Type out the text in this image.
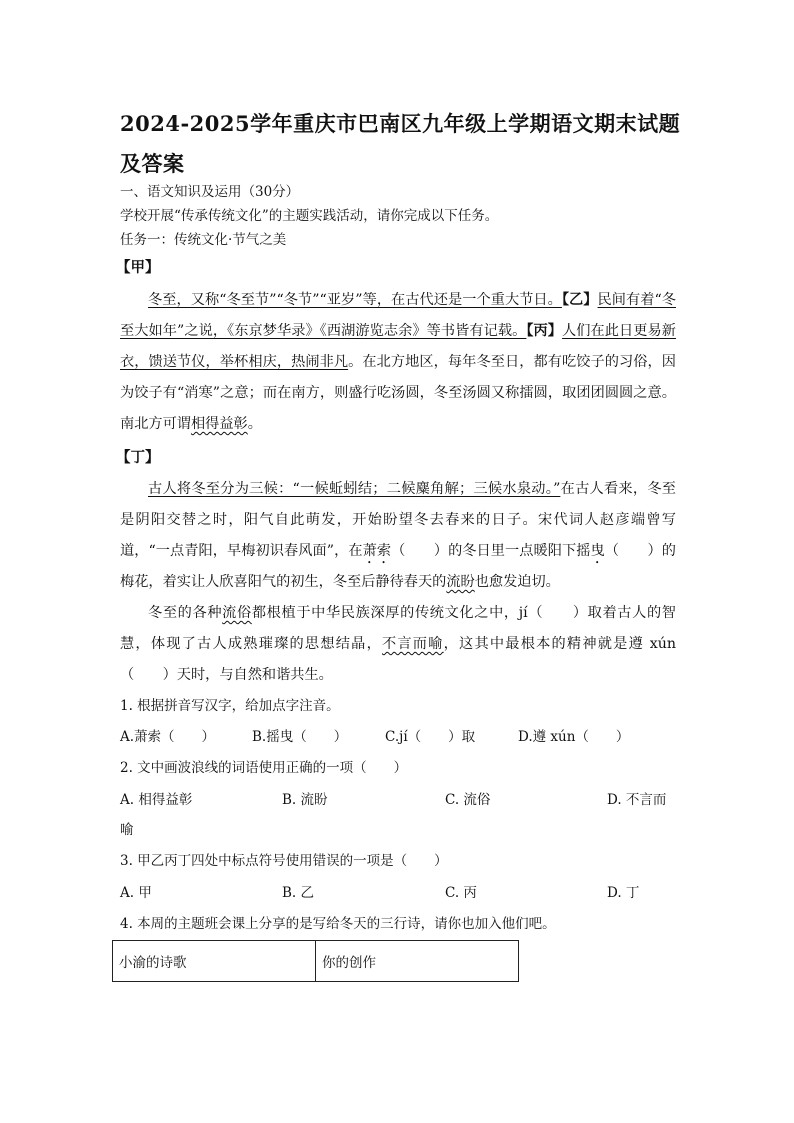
2024-2025学年重庆市巴南区九年级上学期语文期末试题及答案
一、语文知识及运用（30分）
学校开展“传承传统文化”的主题实践活动，请你完成以下任务。
任务一：传统文化·节气之美
【甲】
冬至，又称“冬至节”“冬节”“亚岁”等，在古代还是一个重大节日。【乙】民间有着“冬至大如年”之说，《东京梦华录》《西湖游览志余》等书皆有记载。【丙】人们在此日更易新衣，馈送节仪，举杯相庆，热闹非凡。在北方地区，每年冬至日，都有吃饺子的习俗，因为饺子有“消寒”之意；而在南方，则盛行吃汤圆，冬至汤圆又称擂圆，取团团圆圆之意。南北方可谓相得益彰。
【丁】
古人将冬至分为三候：“一候蚯蚓结；二候麋角解；三候水泉动。”在古人看来，冬至是阴阳交替之时，阳气自此萌发，开始盼望冬去春来的日子。宋代词人赵彦端曾写道，“一点青阳，早梅初识春风面”，在萧索（　　）的冬日里一点暖阳下摇曳（　　）的梅花，着实让人欣喜阳气的初生，冬至后静待春天的流盼也愈发迫切。
冬至的各种流俗都根植于中华民族深厚的传统文化之中，jí（　　）取着古人的智慧，体现了古人成熟璀璨的思想结晶，不言而喻，这其中最根本的精神就是遵 xún（　　）天时，与自然和谐共生。
1. 根据拼音写汉字，给加点字注音。
A.萧索（　　）	B.摇曳（　　）	C.jí（　　）取	D.遵 xún（　　）
2. 文中画波浪线的词语使用正确的一项（　　）
A. 相得益彰	B. 流盼	C. 流俗	D. 不言而
喻
3. 甲乙丙丁四处中标点符号使用错误的一项是（　　）
A. 甲	B. 乙	C. 丙	D. 丁
4. 本周的主题班会课上分享的是写给冬天的三行诗，请你也加入他们吧。
小渝的诗歌	你的创作
